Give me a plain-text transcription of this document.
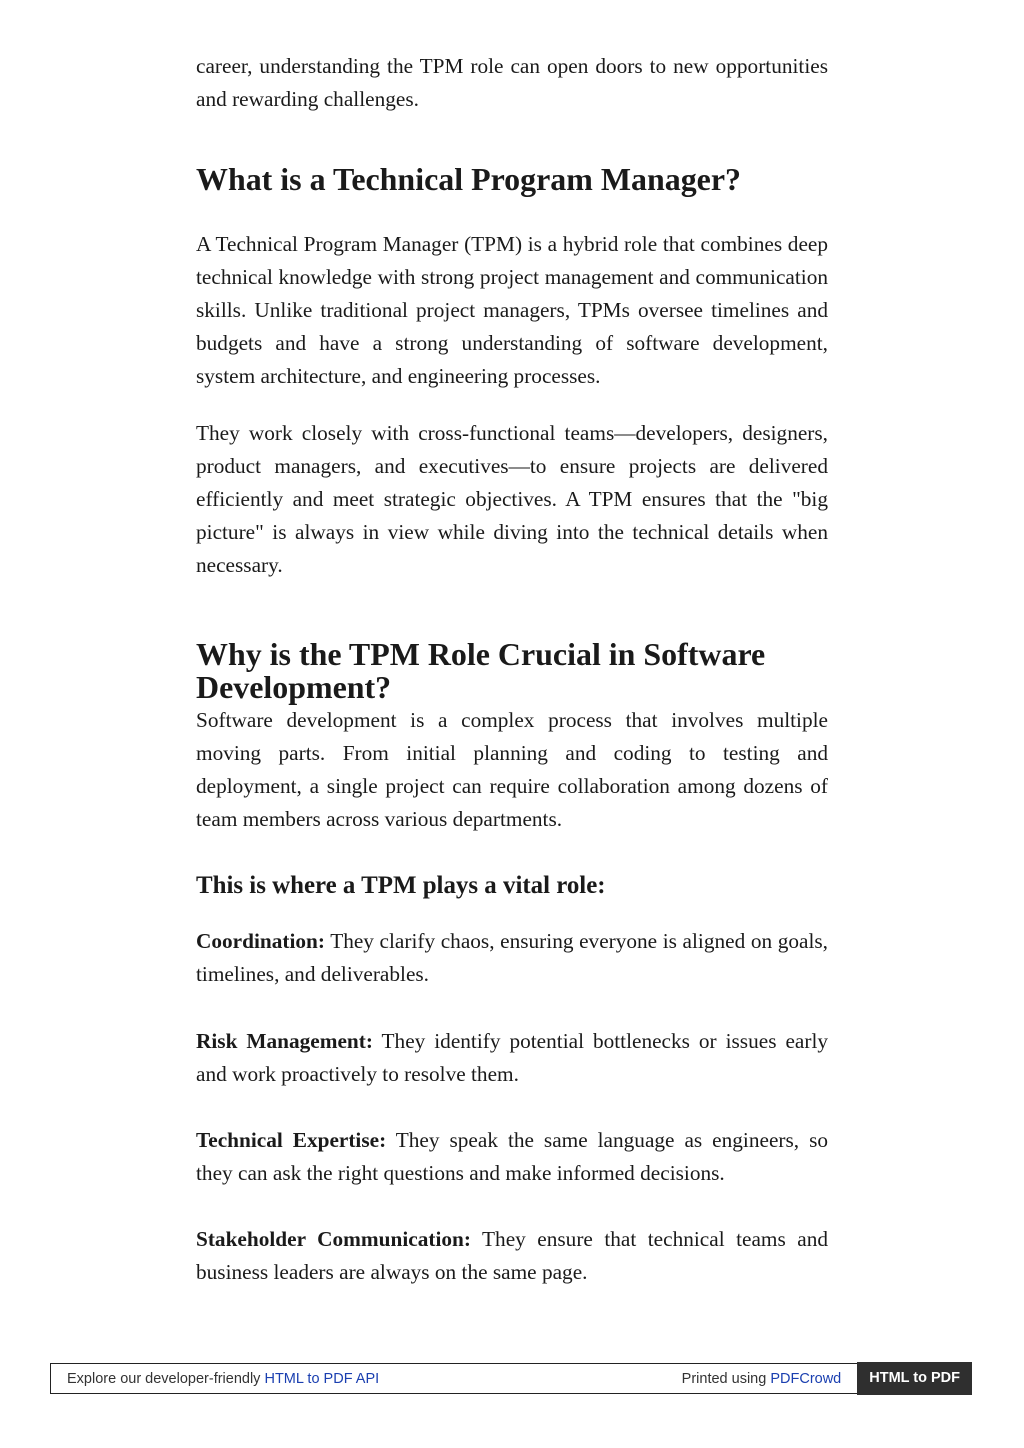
career, understanding the TPM role can open doors to new opportunities and rewarding challenges.

What is a Technical Program Manager?

A Technical Program Manager (TPM) is a hybrid role that combines deep technical knowledge with strong project management and communication skills. Unlike traditional project managers, TPMs oversee timelines and budgets and have a strong understanding of software development, system architecture, and engineering processes.

They work closely with cross-functional teams—developers, designers, product managers, and executives—to ensure projects are delivered efficiently and meet strategic objectives. A TPM ensures that the "big picture" is always in view while diving into the technical details when necessary.

Why is the TPM Role Crucial in Software Development?

Software development is a complex process that involves multiple moving parts. From initial planning and coding to testing and deployment, a single project can require collaboration among dozens of team members across various departments.

This is where a TPM plays a vital role:

Coordination: They clarify chaos, ensuring everyone is aligned on goals, timelines, and deliverables.

Risk Management: They identify potential bottlenecks or issues early and work proactively to resolve them.

Technical Expertise: They speak the same language as engineers, so they can ask the right questions and make informed decisions.

Stakeholder Communication: They ensure that technical teams and business leaders are always on the same page.

Explore our developer-friendly HTML to PDF API	Printed using PDFCrowd	HTML to PDF
